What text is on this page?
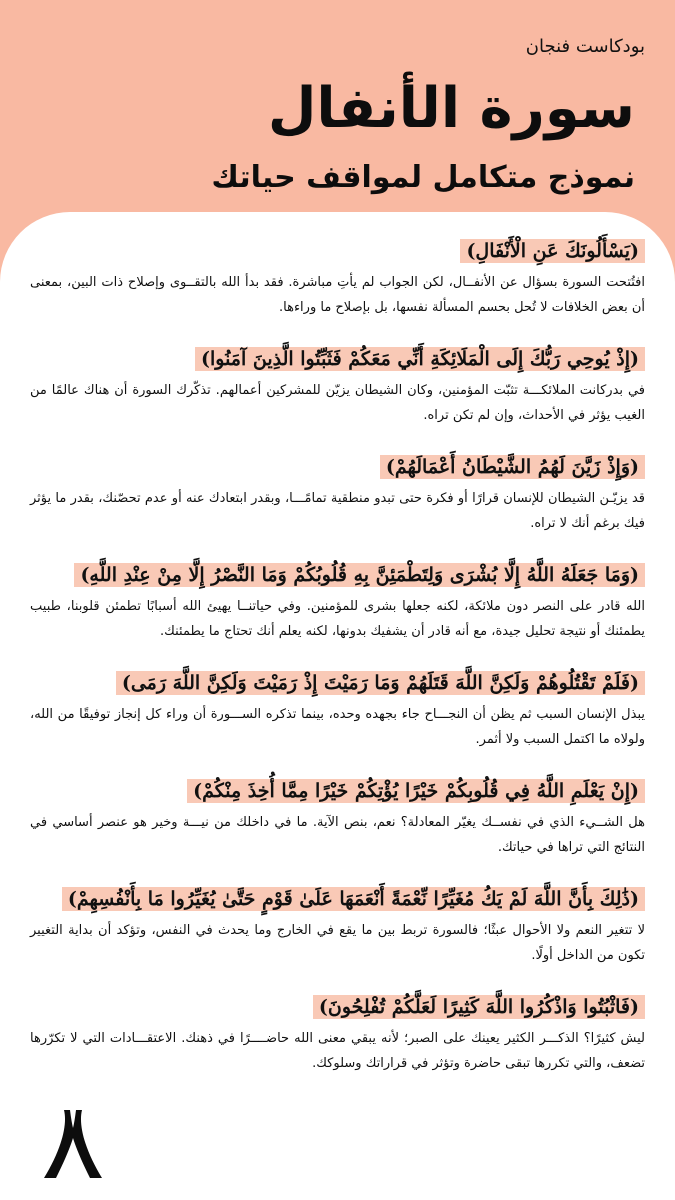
بودكاست فنجان
سورة الأنفال
نموذج متكامل لمواقف حياتك
(يَسْأَلُونَكَ عَنِ الْأَنْفَالِ)
افتُتحت السورة بسؤال عن الأنفــال، لكن الجواب لم يأتِ مباشرة. فقد بدأ الله بالتقــوى وإصلاح ذات البين، بمعنى أن بعض الخلافات لا تُحل بحسم المسألة نفسها، بل بإصلاح ما وراءها.
(إِذْ يُوحِي رَبُّكَ إِلَى الْمَلَائِكَةِ أَنِّي مَعَكُمْ فَثَبِّتُوا الَّذِينَ آمَنُوا)
في بدركانت الملائكـــة تثبّت المؤمنين، وكان الشيطان يزيّن للمشركين أعمالهم. تذكّرك السورة أن هناك عالمًا من الغيب يؤثر في الأحداث، وإن لم تكن تراه.
(وَإِذْ زَيَّنَ لَهُمُ الشَّيْطَانُ أَعْمَالَهُمْ)
قد يزيّـن الشيطان للإنسان قرارًا أو فكرة حتى تبدو منطقية تمامًـــا، وبقدر ابتعادك عنه أو عدم تحصّنك، بقدر ما يؤثر فيك برغم أنك لا تراه.
(وَمَا جَعَلَهُ اللَّهُ إِلَّا بُشْرَى وَلِتَطْمَئِنَّ بِهِ قُلُوبُكُمْ وَمَا النَّصْرُ إِلَّا مِنْ عِنْدِ اللَّهِ)
الله قادر على النصر دون ملائكة، لكنه جعلها بشرى للمؤمنين. وفي حياتنــا يهيئ الله أسبابًا تطمئن قلوبنا، طبيب يطمئنك أو نتيجة تحليل جيدة، مع أنه قادر أن يشفيك بدونها، لكنه يعلم أنك تحتاج ما يطمئنك.
(فَلَمْ تَقْتُلُوهُمْ وَلَكِنَّ اللَّهَ قَتَلَهُمْ وَمَا رَمَيْتَ إِذْ رَمَيْتَ وَلَكِنَّ اللَّهَ رَمَى)
يبذل الإنسان السبب ثم يظن أن النجـــاح جاء بجهده وحده، بينما تذكره الســـورة أن وراء كل إنجاز توفيقًا من الله، ولولاه ما اكتمل السبب ولا أثمر.
(إِنْ يَعْلَمِ اللَّهُ فِي قُلُوبِكُمْ خَيْرًا يُؤْتِكُمْ خَيْرًا مِمَّا أُخِذَ مِنْكُمْ)
هل الشــيء الذي في نفســك يغيّر المعادلة؟ نعم، بنص الآية. ما في داخلك من نيـــة وخير هو عنصر أساسي في النتائج التي تراها في حياتك.
(ذَٰلِكَ بِأَنَّ اللَّهَ لَمْ يَكُ مُغَيِّرًا نِّعْمَةً أَنْعَمَهَا عَلَىٰ قَوْمٍ حَتَّىٰ يُغَيِّرُوا مَا بِأَنْفُسِهِمْ)
لا تتغير النعم ولا الأحوال عبثًا؛ فالسورة تربط بين ما يقع في الخارج وما يحدث في النفس، وتؤكد أن بداية التغيير تكون من الداخل أولًا.
(فَاثْبُتُوا وَاذْكُرُوا اللَّهَ كَثِيرًا لَعَلَّكُمْ تُفْلِحُونَ)
ليش كثيرًا؟ الذكـــر الكثير يعينك على الصبر؛ لأنه يبقي معنى الله حاضــــرًا في ذهنك. الاعتقـــادات التي لا تكرّرها تضعف، والتي تكررها تبقى حاضرة وتؤثر في قراراتك وسلوكك.
